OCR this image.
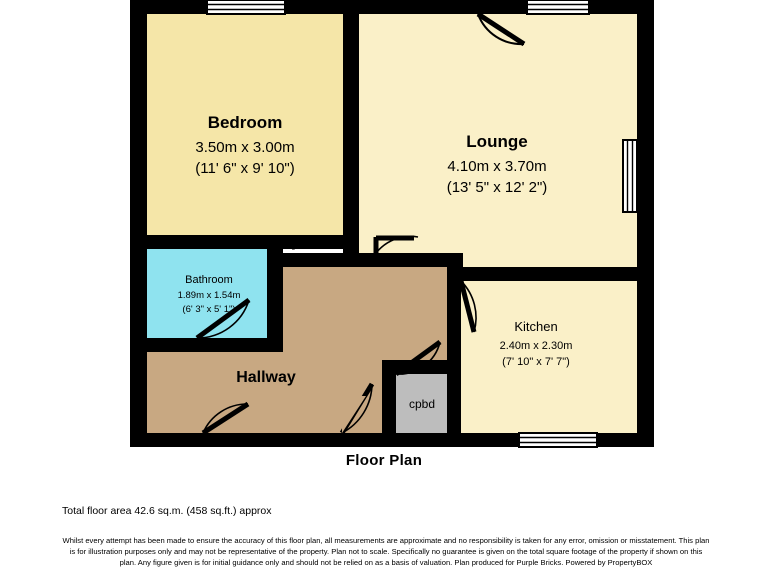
Bedroom
3.50m x 3.00m
(11' 6" x 9' 10")
Lounge
4.10m x 3.70m
(13' 5" x 12' 2")
Bathroom
1.89m x 1.54m
(6' 3" x 5' 1")
Kitchen
2.40m x 2.30m
(7' 10" x 7' 7")
Hallway
cpbd
Floor Plan
Total floor area 42.6 sq.m. (458 sq.ft.) approx
Whilst every attempt has been made to ensure the accuracy of this floor plan, all measurements are approximate and no responsibility is taken for any error, omission or misstatement. This plan is for illustration purposes only and may not be representative of the property. Plan not to scale. Specifically no guarantee is given on the total square footage of the property if shown on this plan. Any figure given is for initial guidance only and should not be relied on as a basis of valuation. Plan produced for Purple Bricks. Powered by PropertyBOX
